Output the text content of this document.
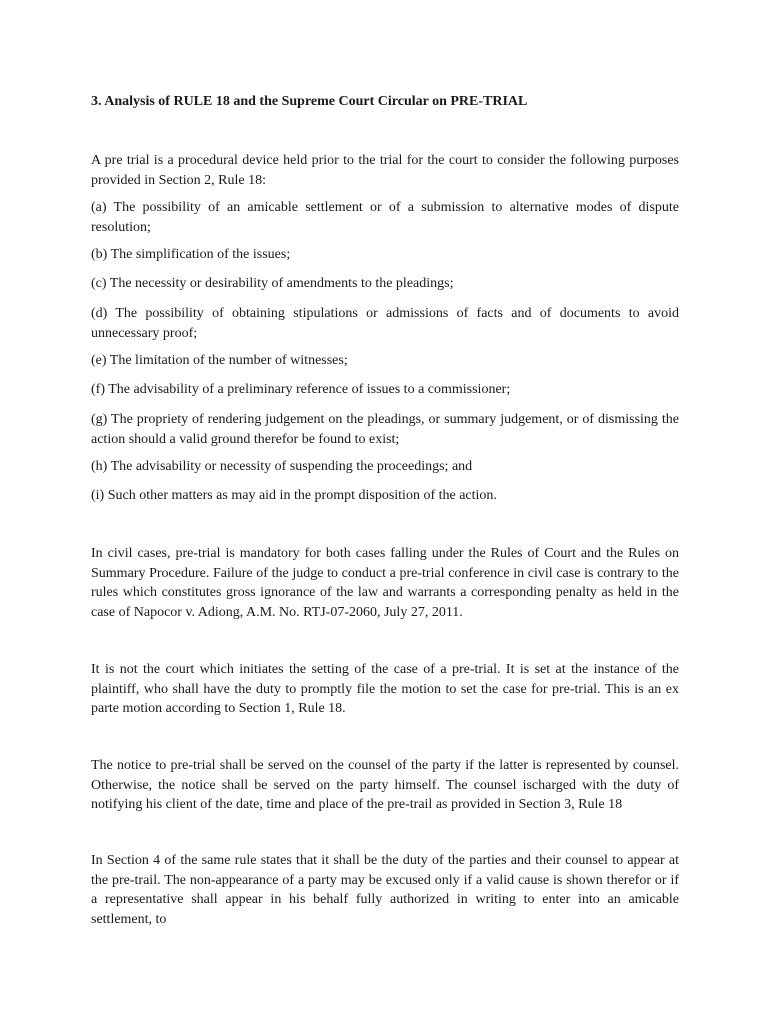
3. Analysis of RULE 18 and the Supreme Court Circular on PRE-TRIAL

A pre trial is a procedural device held prior to the trial for the court to consider the following purposes provided in Section 2, Rule 18:

(a) The possibility of an amicable settlement or of a submission to alternative modes of dispute resolution;

(b) The simplification of the issues;

(c) The necessity or desirability of amendments to the pleadings;

(d) The possibility of obtaining stipulations or admissions of facts and of documents to avoid unnecessary proof;

(e) The limitation of the number of witnesses;

(f) The advisability of a preliminary reference of issues to a commissioner;

(g) The propriety of rendering judgement on the pleadings, or summary judgement, or of dismissing the action should a valid ground therefor be found to exist;

(h) The advisability or necessity of suspending the proceedings; and

(i) Such other matters as may aid in the prompt disposition of the action.

In civil cases, pre-trial is mandatory for both cases falling under the Rules of Court and the Rules on Summary Procedure. Failure of the judge to conduct a pre-trial conference in civil case is contrary to the rules which constitutes gross ignorance of the law and warrants a corresponding penalty as held in the case of Napocor v. Adiong, A.M. No. RTJ-07-2060, July 27, 2011.

It is not the court which initiates the setting of the case of a pre-trial. It is set at the instance of the plaintiff, who shall have the duty to promptly file the motion to set the case for pre-trial. This is an ex parte motion according to Section 1, Rule 18.

The notice to pre-trial shall be served on the counsel of the party if the latter is represented by counsel. Otherwise, the notice shall be served on the party himself. The counsel ischarged with the duty of notifying his client of the date, time and place of the pre-trail as provided in Section 3, Rule 18

In Section 4 of the same rule states that it shall be the duty of the parties and their counsel to appear at the pre-trail. The non-appearance of a party may be excused only if a valid cause is shown therefor or if a representative shall appear in his behalf fully authorized in writing to enter into an amicable settlement, to
